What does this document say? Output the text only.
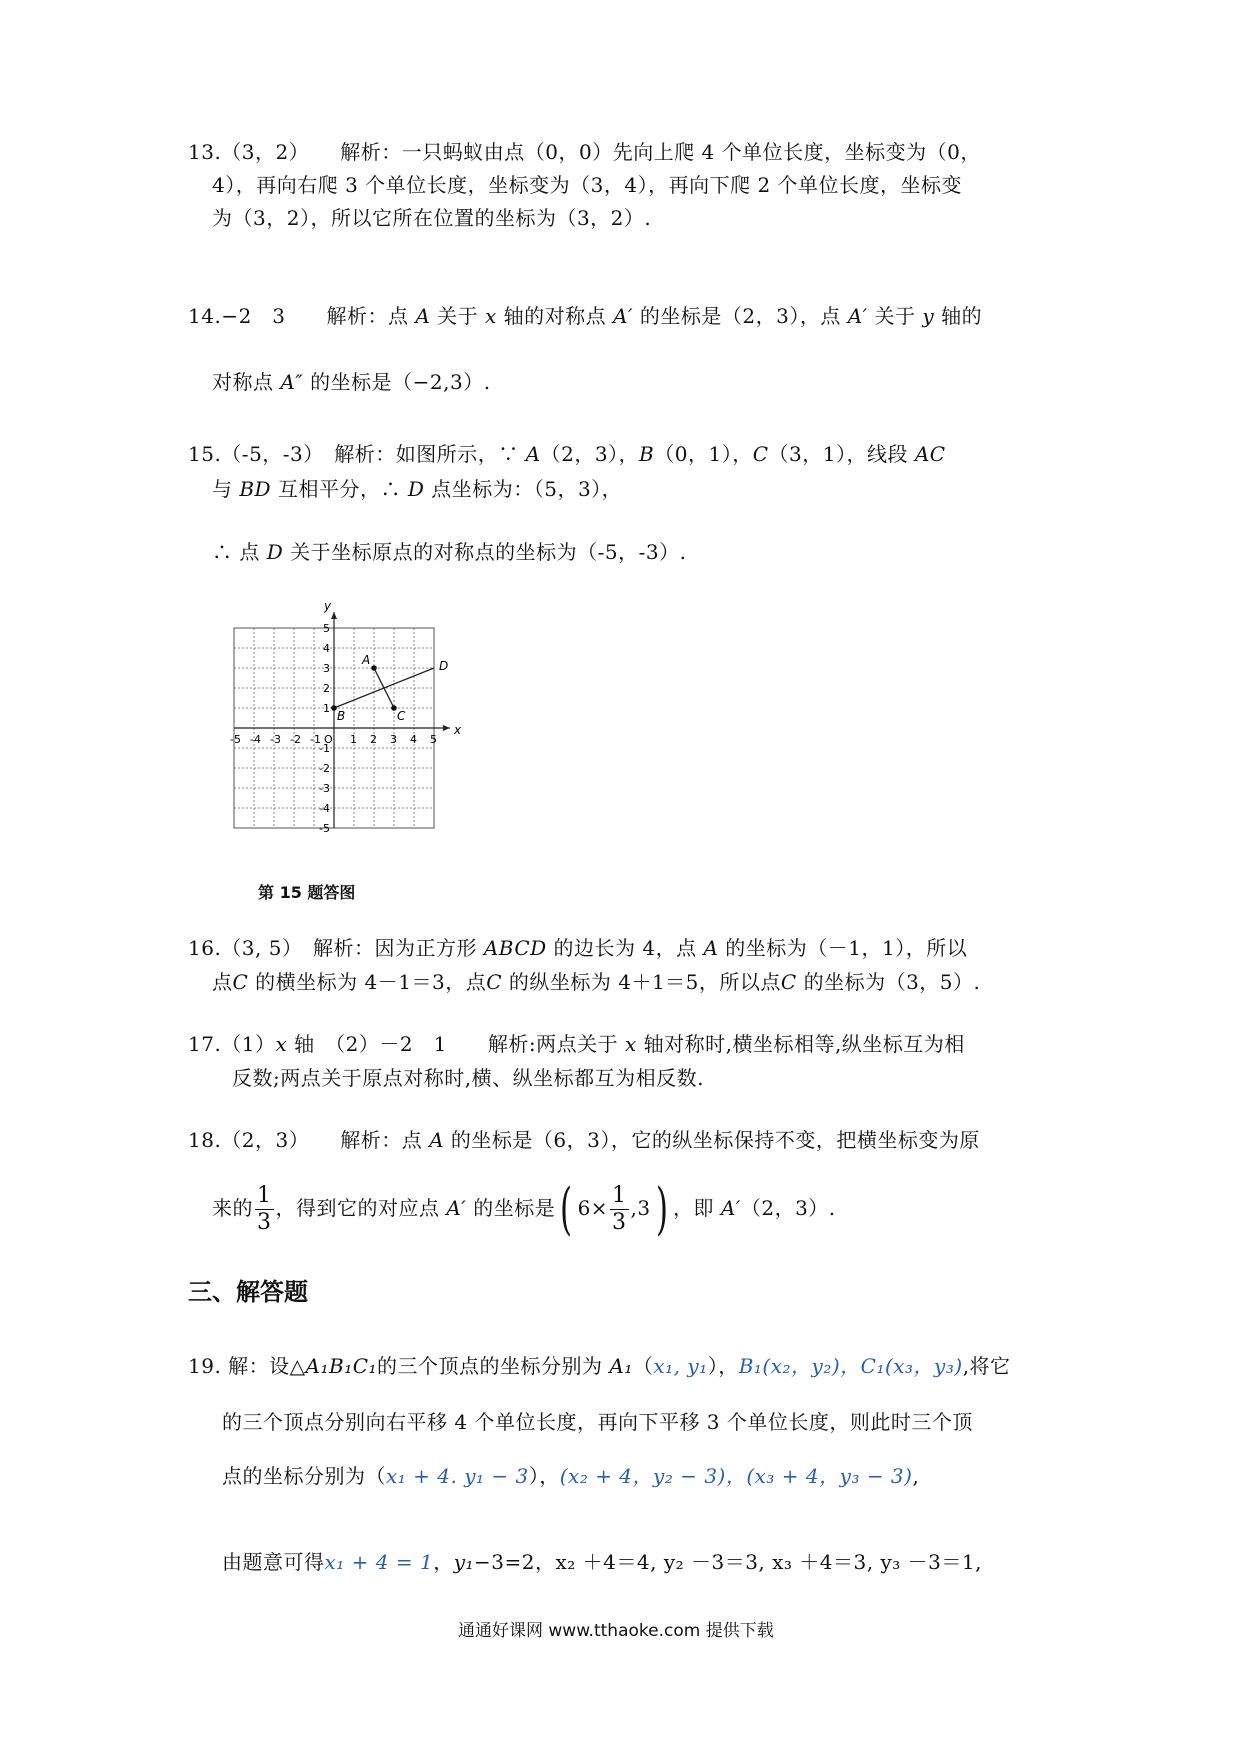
13.（3，2）　　解析：一只蚂蚁由点（0，0）先向上爬 4 个单位长度，坐标变为（0，
4），再向右爬 3 个单位长度，坐标变为（3，4），再向下爬 2 个单位长度，坐标变
为（3，2），所以它所在位置的坐标为（3，2）.
14.−2　3　　解析：点 A 关于 x 轴的对称点 A′ 的坐标是（2，3），点 A′ 关于 y 轴的
对称点 A″ 的坐标是（−2,3）.
15.（-5，-3）　解析：如图所示，∵ A（2，3），B（0，1），C（3，1），线段 AC
与 BD 互相平分，∴ D 点坐标为：（5，3），
∴ 点 D 关于坐标原点的对称点的坐标为（-5，-3）.
x
y
-5 -4 -3 -2 -1 O 1 2 3 4 5
1
2
3
4
5
-1
-2
-3
-4
-5
A
B	C
D
第 15 题答图
16.（3, 5）　解析：因为正方形 ABCD 的边长为 4，点 A 的坐标为（－1，1），所以
点C 的横坐标为 4－1＝3，点C 的纵坐标为 4＋1＝5，所以点C 的坐标为（3，5）.
17.（1）x 轴　（2）－2　1　　解析:两点关于 x 轴对称时,横坐标相等,纵坐标互为相
反数;两点关于原点对称时,横、纵坐标都互为相反数.
18.（2，3）　　解析：点 A 的坐标是（6，3），它的纵坐标保持不变，把横坐标变为原
来的 $\frac{1}{3}$ ，得到它的对应点 A′ 的坐标是( $6\times \frac{1}{3} ,3$) ，即 A′（2，3）.
三、解答题
19. 解：设△A₁B₁C₁的三个顶点的坐标分别为 A₁（x₁, y₁），B₁(x₂，y₂)，C₁(x₃，y₃),将它
的三个顶点分别向右平移 4 个单位长度，再向下平移 3 个单位长度，则此时三个顶
点的坐标分别为（x₁ + 4. y₁ − 3），(x₂ + 4，y₂ − 3)，(x₃ + 4，y₃ − 3),
由题意可得x₁ + 4 = 1，y₁−3=2，x₂ ＋4＝4, y₂ －3＝3, x₃ ＋4＝3, y₃ －3＝1,
通通好课网 www.tthaoke.com 提供下载
